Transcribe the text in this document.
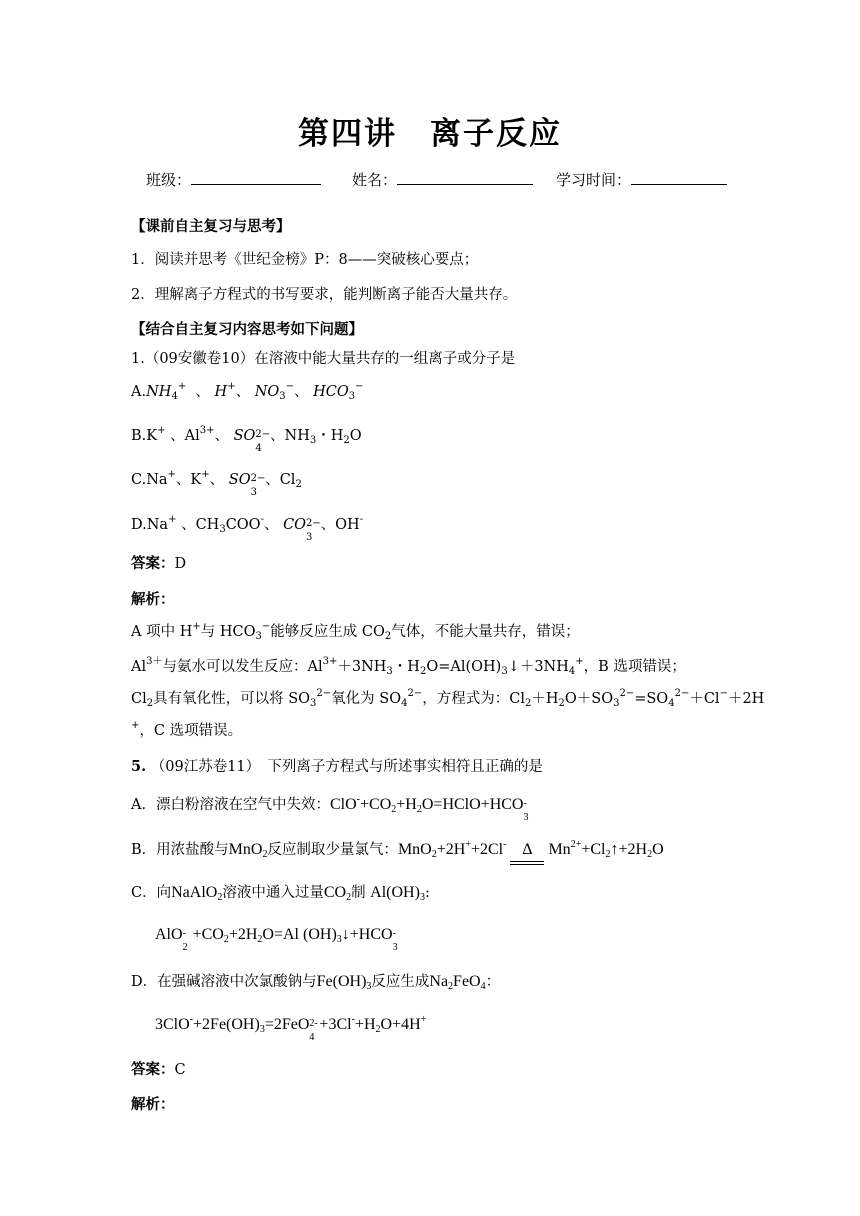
第四讲　离子反应
班级：	姓名：	学习时间：
【课前自主复习与思考】
1．阅读并思考《世纪金榜》P：8——突破核心要点；
2．理解离子方程式的书写要求，能判断离子能否大量共存。
【结合自主复习内容思考如下问题】
1.（09安徽卷10）在溶液中能大量共存的一组离子或分子是
$A.NH_4^+$ 、 H+、 $NO_3^-$、 $HCO_3^-$
B.K+ 、$Al^{3+}$、 SO 2−
4
、$NH_3$・$H_2O$
C.Na+、K+、 SO 2−
3
、$Cl_2$
D.Na+ 、$CH_3COO^-$、 CO 2−
3
、OH-
答案：D
解析：
A 项中 H+与 $HCO_3^-$能够反应生成 $CO_2$气体，不能大量共存，错误；
$Al^{3+}$与氨水可以发生反应：$Al^{3+}+3NH_3$・$H_2O=Al(OH)_3↓+3NH_4^+$，B 选项错误；
$Cl_2$具有氧化性，可以将 $SO_3^{2-}$氧化为 $SO_4^{2-}$，方程式为：$Cl_2+H_2O+SO_3^{2-}=SO_4^{2-}+Cl^-+2H$
+，C 选项错误。
5. （09江苏卷11）　下列离子方程式与所述事实相符且正确的是
A．漂白粉溶液在空气中失效：$ClO^-+CO_2+H_2O=HClO+HCO$ -
3
B．用浓盐酸与MnO$_2$反应制取少量氯气：MnO$_2$+2H++2Cl- Δ $Mn^{2+}+Cl_2↑+2H_2O$
C．向NaAlO$_2$溶液中通入过量$CO_2$制 $Al(OH)_3$:
AlO -
2
$+CO_2+2H_2O=Al$ $(OH)_3↓+HCO$ -
3
D．在强碱溶液中次氯酸钠与$Fe(OH)_3$反应生成$Na_2FeO_4$：
$3ClO^-+2Fe(OH)_3=2FeO$ 2-
4
$+3Cl^-+H_2O+4H^+$
答案：C
解析：
